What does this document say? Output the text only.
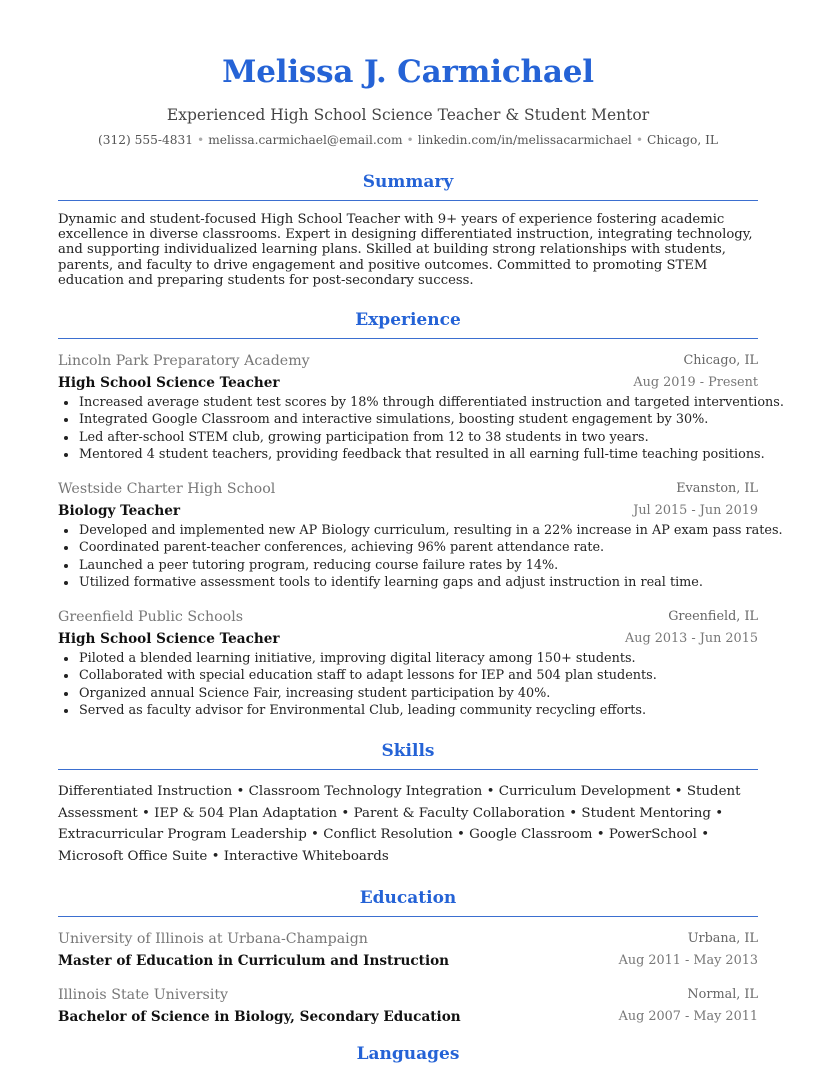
Melissa J. Carmichael
Experienced High School Science Teacher & Student Mentor
(312) 555-4831 • melissa.carmichael@email.com • linkedin.com/in/melissacarmichael • Chicago, IL
Summary
Dynamic and student-focused High School Teacher with 9+ years of experience fostering academic excellence in diverse classrooms. Expert in designing differentiated instruction, integrating technology, and supporting individualized learning plans. Skilled at building strong relationships with students, parents, and faculty to drive engagement and positive outcomes. Committed to promoting STEM education and preparing students for post-secondary success.
Experience
Lincoln Park Preparatory Academy	Chicago, IL
High School Science Teacher	Aug 2019 - Present
Increased average student test scores by 18% through differentiated instruction and targeted interventions.
Integrated Google Classroom and interactive simulations, boosting student engagement by 30%.
Led after-school STEM club, growing participation from 12 to 38 students in two years.
Mentored 4 student teachers, providing feedback that resulted in all earning full-time teaching positions.
Westside Charter High School	Evanston, IL
Biology Teacher	Jul 2015 - Jun 2019
Developed and implemented new AP Biology curriculum, resulting in a 22% increase in AP exam pass rates.
Coordinated parent-teacher conferences, achieving 96% parent attendance rate.
Launched a peer tutoring program, reducing course failure rates by 14%.
Utilized formative assessment tools to identify learning gaps and adjust instruction in real time.
Greenfield Public Schools	Greenfield, IL
High School Science Teacher	Aug 2013 - Jun 2015
Piloted a blended learning initiative, improving digital literacy among 150+ students.
Collaborated with special education staff to adapt lessons for IEP and 504 plan students.
Organized annual Science Fair, increasing student participation by 40%.
Served as faculty advisor for Environmental Club, leading community recycling efforts.
Skills
Differentiated Instruction • Classroom Technology Integration • Curriculum Development • Student Assessment • IEP & 504 Plan Adaptation • Parent & Faculty Collaboration • Student Mentoring • Extracurricular Program Leadership • Conflict Resolution • Google Classroom • PowerSchool • Microsoft Office Suite • Interactive Whiteboards
Education
University of Illinois at Urbana-Champaign	Urbana, IL
Master of Education in Curriculum and Instruction	Aug 2011 - May 2013
Illinois State University	Normal, IL
Bachelor of Science in Biology, Secondary Education	Aug 2007 - May 2011
Languages
